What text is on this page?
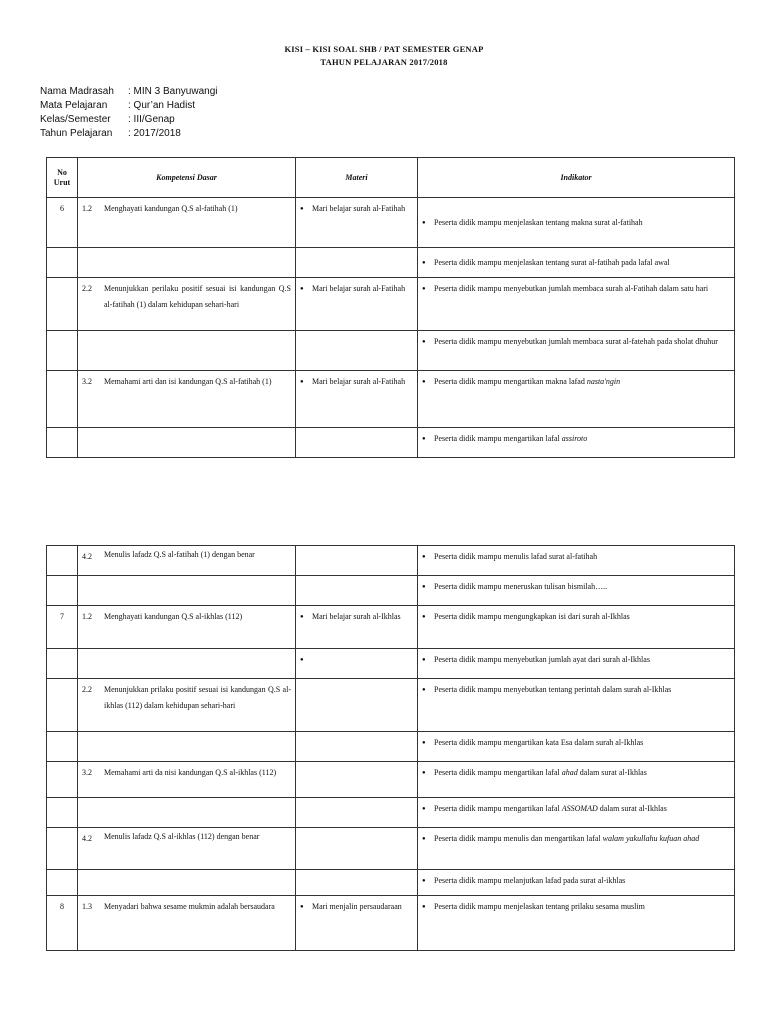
KISI – KISI SOAL SHB / PAT SEMESTER GENAP
TAHUN PELAJARAN 2017/2018
Nama Madrasah	: MIN 3 Banyuwangi
Mata Pelajaran	: Qur’an Hadist
Kelas/Semester	: III/Genap
Tahun Pelajaran	: 2017/2018
No Urut	Kompetensi Dasar	Materi	Indikator
6	1.2 Menghayati kandungan Q.S al-fatihah (1)	● Mari belajar surah al-Fatihah	● Peserta didik mampu menjelaskan tentang makna surat al-fatihah

			● Peserta didik mampu menjelaskan tentang surat al-fatihah pada lafal awal

	2.2 Menunjukkan perilaku positif sesuai isi kandungan Q.S al-fatihah (1) dalam kehidupan sehari-hari	● Mari belajar surah al-Fatihah	● Peserta didik mampu menyebutkan jumlah membaca surah al-Fatihah dalam satu hari

			● Peserta didik mampu menyebutkan jumlah membaca surat al-fatehah pada sholat dhuhur

	3.2 Memahami arti dan isi kandungan Q.S al-fatihah (1)	● Mari belajar surah al-Fatihah	● Peserta didik mampu mengartikan makna lafad nasta'ngin

			● Peserta didik mampu mengartikan lafal assiroto

	4.2 Menulis lafadz Q.S al-fatihah (1) dengan benar		● Peserta didik mampu menulis lafad surat al-fatihah

			● Peserta didik mampu meneruskan tulisan bismilah…..

7	1.2 Menghayati kandungan Q.S al-ikhlas (112)	● Mari belajar surah al-Ikhlas	● Peserta didik mampu mengungkapkan isi dari surah al-Ikhlas

		●	● Peserta didik mampu menyebutkan jumlah ayat dari surah al-Ikhlas

	2.2 Menunjukkan prilaku positif sesuai isi kandungan Q.S al-ikhlas (112) dalam kehidupan sehari-hari		● Peserta didik mampu menyebutkan tentang perintah dalam surah al-Ikhlas

			● Peserta didik mampu mengartikan kata Esa dalam surah al-Ikhlas

	3.2 Memahami arti da nisi kandungan Q.S al-ikhlas (112)		● Peserta didik mampu mengartikan lafal ahad dalam surat al-Ikhlas

			● Peserta didik mampu mengartikan lafal ASSOMAD dalam surat al-Ikhlas

	4.2 Menulis lafadz Q.S al-ikhlas (112) dengan benar		● Peserta didik mampu menulis dan mengartikan lafal walam yakullahu kufuan ahad

			● Peserta didik mampu melanjutkan lafad pada surat al-ikhlas

8	1.3 Menyadari bahwa sesame mukmin adalah bersaudara	● Mari menjalin persaudaraan	● Peserta didik mampu menjelaskan tentang prilaku sesama muslim
